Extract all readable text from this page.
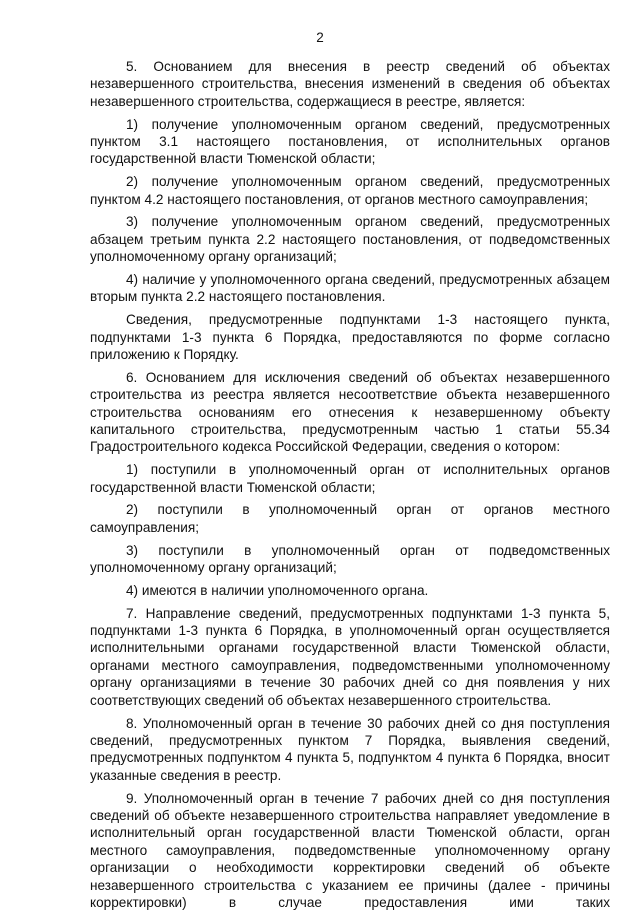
2

5. Основанием для внесения в реестр сведений об объектах незавершенного строительства, внесения изменений в сведения об объектах незавершенного строительства, содержащиеся в реестре, является:

1) получение уполномоченным органом сведений, предусмотренных пунктом 3.1 настоящего постановления, от исполнительных органов государственной власти Тюменской области;

2) получение уполномоченным органом сведений, предусмотренных пунктом 4.2 настоящего постановления, от органов местного самоуправления;

3) получение уполномоченным органом сведений, предусмотренных абзацем третьим пункта 2.2 настоящего постановления, от подведомственных уполномоченному органу организаций;

4) наличие у уполномоченного органа сведений, предусмотренных абзацем вторым пункта 2.2 настоящего постановления.

Сведения, предусмотренные подпунктами 1-3 настоящего пункта, подпунктами 1-3 пункта 6 Порядка, предоставляются по форме согласно приложению к Порядку.

6. Основанием для исключения сведений об объектах незавершенного строительства из реестра является несоответствие объекта незавершенного строительства основаниям его отнесения к незавершенному объекту капитального строительства, предусмотренным частью 1 статьи 55.34 Градостроительного кодекса Российской Федерации, сведения о котором:

1) поступили в уполномоченный орган от исполнительных органов государственной власти Тюменской области;

2) поступили в уполномоченный орган от органов местного самоуправления;

3) поступили в уполномоченный орган от подведомственных уполномоченному органу организаций;

4) имеются в наличии уполномоченного органа.

7. Направление сведений, предусмотренных подпунктами 1-3 пункта 5, подпунктами 1-3 пункта 6 Порядка, в уполномоченный орган осуществляется исполнительными органами государственной власти Тюменской области, органами местного самоуправления, подведомственными уполномоченному органу организациями в течение 30 рабочих дней со дня появления у них соответствующих сведений об объектах незавершенного строительства.

8. Уполномоченный орган в течение 30 рабочих дней со дня поступления сведений, предусмотренных пунктом 7 Порядка, выявления сведений, предусмотренных подпунктом 4 пункта 5, подпунктом 4 пункта 6 Порядка, вносит указанные сведения в реестр.

9. Уполномоченный орган в течение 7 рабочих дней со дня поступления сведений об объекте незавершенного строительства направляет уведомление в исполнительный орган государственной власти Тюменской области, орган местного самоуправления, подведомственные уполномоченному органу организации о необходимости корректировки сведений об объекте незавершенного строительства с указанием ее причины (далее - причины корректировки) в случае предоставления ими таких
